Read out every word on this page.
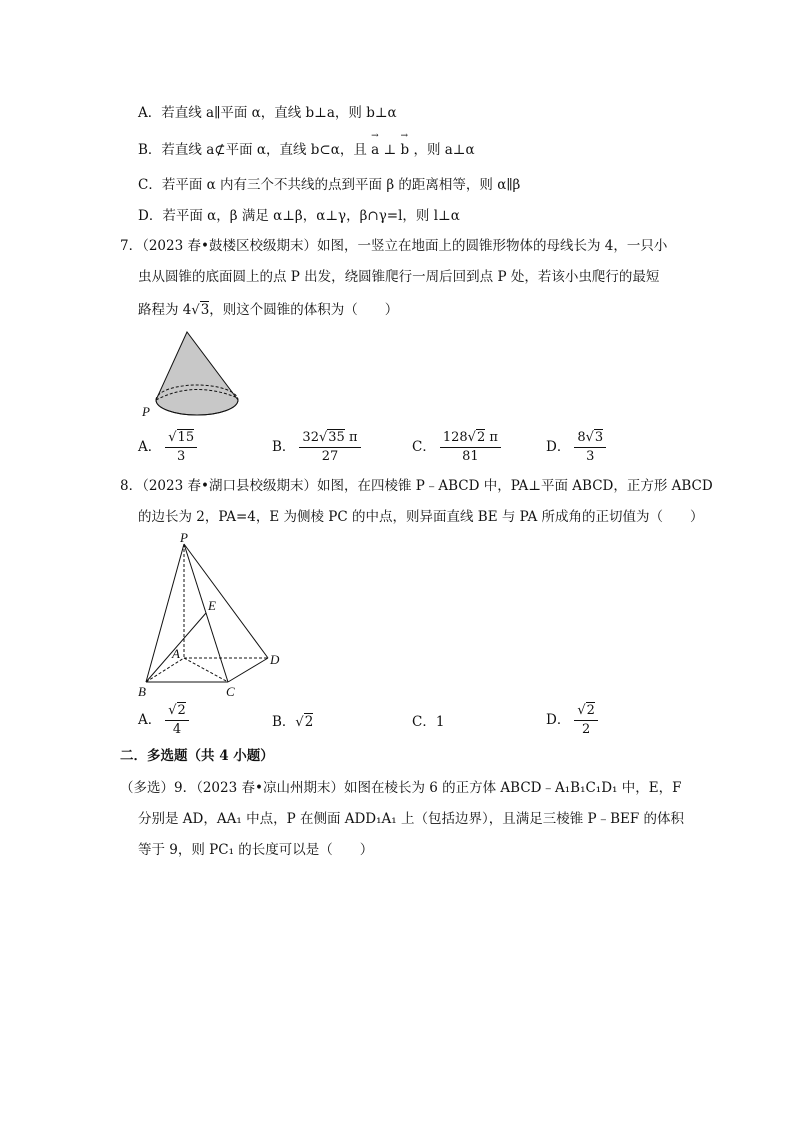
A．若直线 a∥平面 α，直线 b⊥a，则 b⊥α
B．若直线 a⊄平面 α，直线 b⊂α，且
→
a ⊥
→
b ，则 a⊥α
C．若平面 α 内有三个不共线的点到平面 β 的距离相等，则 α∥β
D．若平面 α，β 满足 α⊥β，α⊥γ，β∩γ=l，则 l⊥α
7．（2023 春•鼓楼区校级期末）如图，一竖立在地面上的圆锥形物体的母线长为 4，一只小
虫从圆锥的底面圆上的点 P 出发，绕圆锥爬行一周后回到点 P 处，若该小虫爬行的最短
路程为 4√3，则这个圆锥的体积为（　　）
P
A． $\frac{√15}{3}$	B． $\frac{32√35 \pi}{27}$	C． $\frac{128√2 \pi}{81}$	D． $\frac{8√3}{3}$
8．（2023 春•湖口县校级期末）如图，在四棱锥 P﹣ABCD 中，PA⊥平面 ABCD，正方形 ABCD
的边长为 2，PA=4，E 为侧棱 PC 的中点，则异面直线 BE 与 PA 所成角的正切值为（　　）
P
E
A
B	C
D
A． $\frac{√2}{4}$	B．√2	C．1	D． $\frac{√2}{2}$
二．多选题（共 4 小题）
（多选）9．（2023 春•凉山州期末）如图在棱长为 6 的正方体 ABCD﹣A₁B₁C₁D₁ 中，E，F
分别是 AD，AA₁ 中点，P 在侧面 ADD₁A₁ 上（包括边界），且满足三棱锥 P﹣BEF 的体积
等于 9，则 PC₁ 的长度可以是（　　）
